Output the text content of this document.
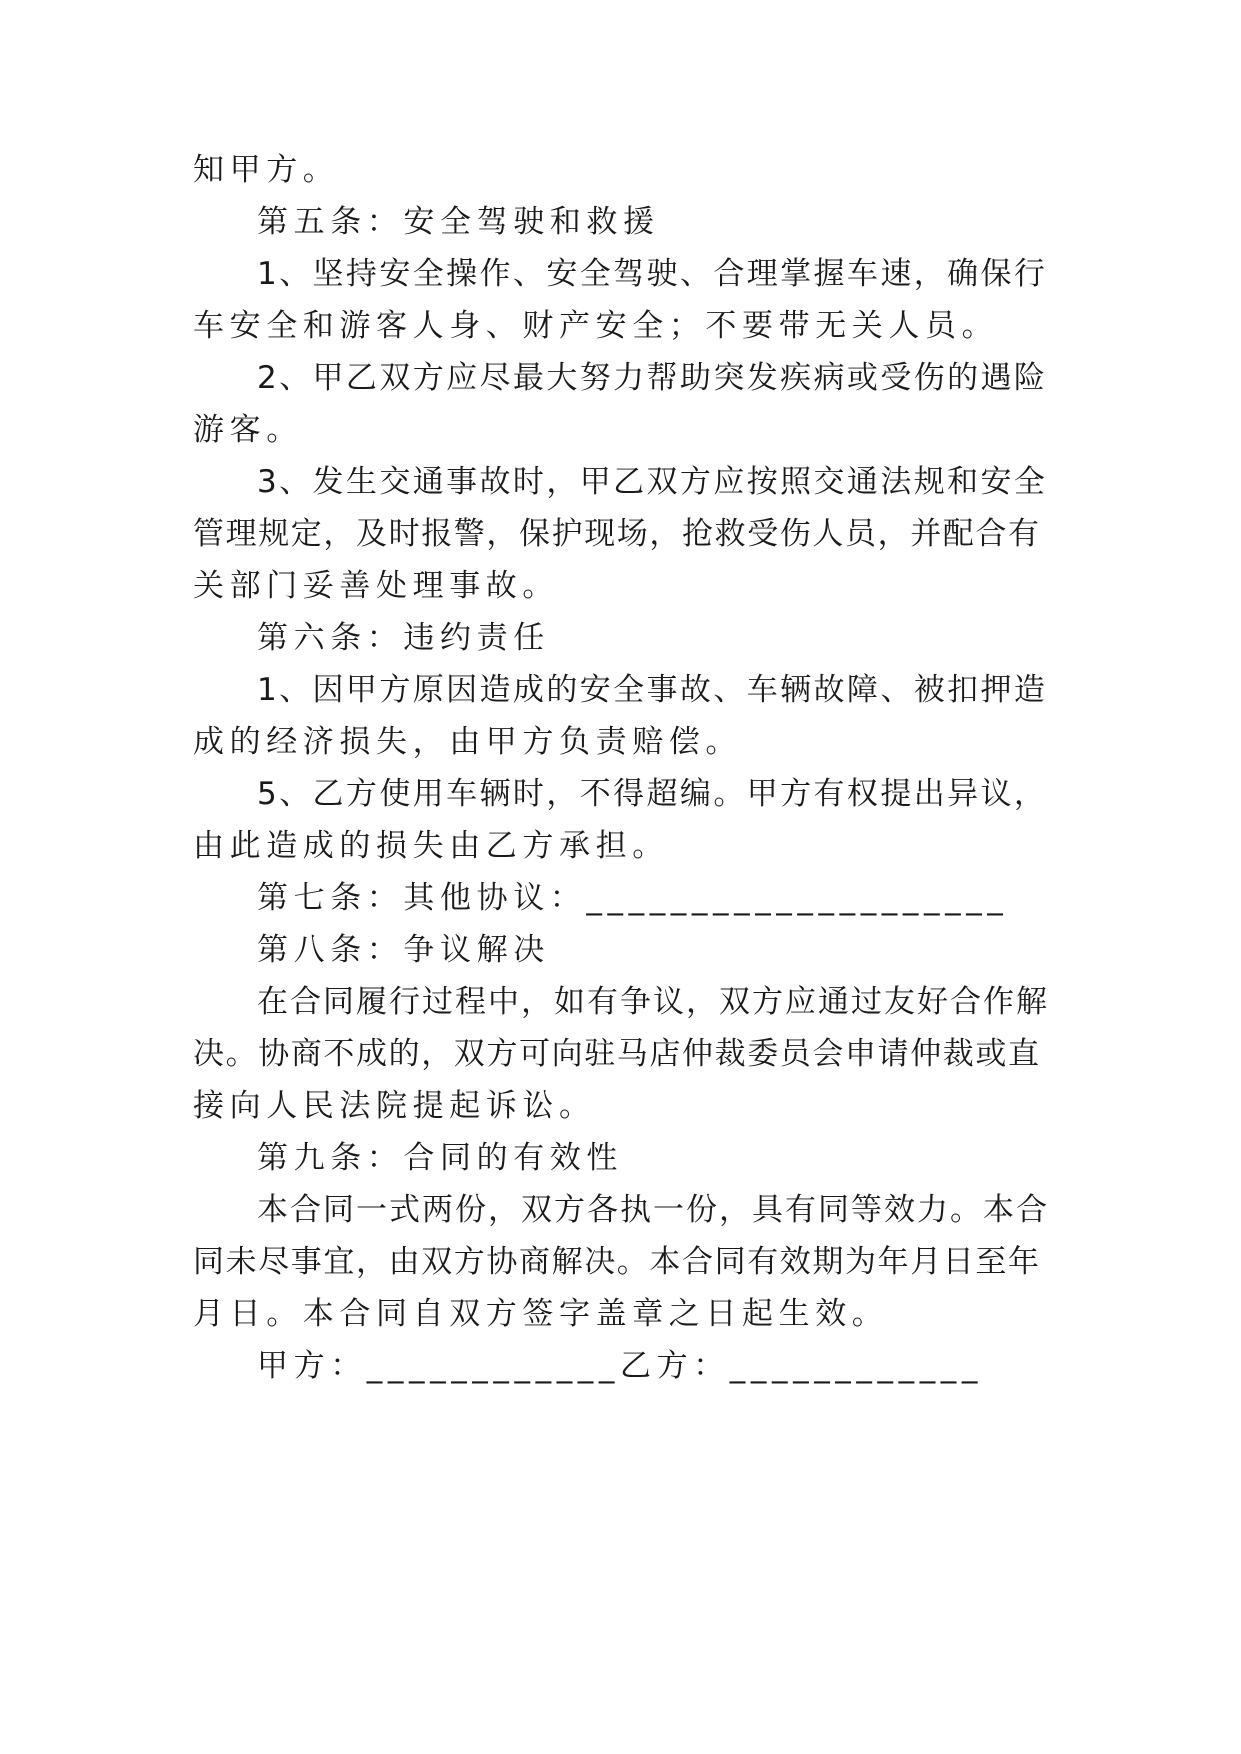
知甲方。
第五条：安全驾驶和救援
1、坚持安全操作、安全驾驶、合理掌握车速，确保行
车安全和游客人身、财产安全；不要带无关人员。
2、甲乙双方应尽最大努力帮助突发疾病或受伤的遇险
游客。
3、发生交通事故时，甲乙双方应按照交通法规和安全
管理规定，及时报警，保护现场，抢救受伤人员，并配合有
关部门妥善处理事故。
第六条：违约责任
1、因甲方原因造成的安全事故、车辆故障、被扣押造
成的经济损失，由甲方负责赔偿。
5、乙方使用车辆时，不得超编。甲方有权提出异议，
由此造成的损失由乙方承担。
第七条：其他协议：____________________
第八条：争议解决
在合同履行过程中，如有争议，双方应通过友好合作解
决。协商不成的，双方可向驻马店仲裁委员会申请仲裁或直
接向人民法院提起诉讼。
第九条：合同的有效性
本合同一式两份，双方各执一份，具有同等效力。本合
同未尽事宜，由双方协商解决。本合同有效期为年月日至年
月日。本合同自双方签字盖章之日起生效。
甲方：____________乙方：____________
